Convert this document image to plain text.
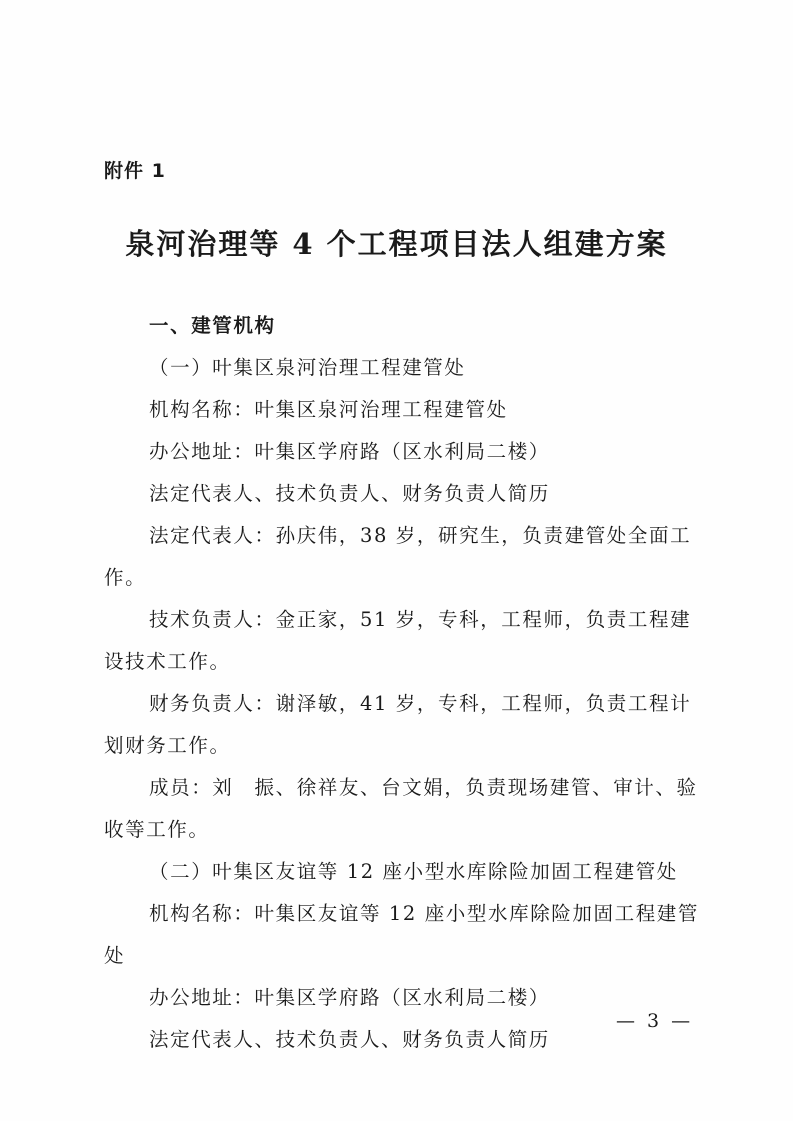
附件 1
泉河治理等 4 个工程项目法人组建方案
一、建管机构
（一）叶集区泉河治理工程建管处
机构名称：叶集区泉河治理工程建管处
办公地址：叶集区学府路（区水利局二楼）
法定代表人、技术负责人、财务负责人简历
法定代表人：孙庆伟，38 岁，研究生，负责建管处全面工
作。
技术负责人：金正家，51 岁，专科，工程师，负责工程建
设技术工作。
财务负责人：谢泽敏，41 岁，专科，工程师，负责工程计
划财务工作。
成员：刘　振、徐祥友、台文娟，负责现场建管、审计、验
收等工作。
（二）叶集区友谊等 12 座小型水库除险加固工程建管处
机构名称：叶集区友谊等 12 座小型水库除险加固工程建管
处
办公地址：叶集区学府路（区水利局二楼）
法定代表人、技术负责人、财务负责人简历
— 3 —
